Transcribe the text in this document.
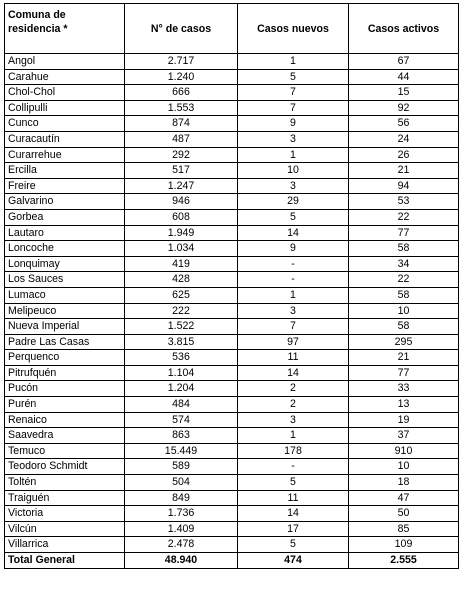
Comuna de residencia *	N° de casos	Casos nuevos	Casos activos
Angol	2.717	1	67
Carahue	1.240	5	44
Chol-Chol	666	7	15
Collipulli	1.553	7	92
Cunco	874	9	56
Curacautín	487	3	24
Curarrehue	292	1	26
Ercilla	517	10	21
Freire	1.247	3	94
Galvarino	946	29	53
Gorbea	608	5	22
Lautaro	1.949	14	77
Loncoche	1.034	9	58
Lonquimay	419	-	34
Los Sauces	428	-	22
Lumaco	625	1	58
Melipeuco	222	3	10
Nueva Imperial	1.522	7	58
Padre Las Casas	3.815	97	295
Perquenco	536	11	21
Pitrufquén	1.104	14	77
Pucón	1.204	2	33
Purén	484	2	13
Renaico	574	3	19
Saavedra	863	1	37
Temuco	15.449	178	910
Teodoro Schmidt	589	-	10
Toltén	504	5	18
Traiguén	849	11	47
Victoria	1.736	14	50
Vilcún	1.409	17	85
Villarrica	2.478	5	109
Total General	48.940	474	2.555
